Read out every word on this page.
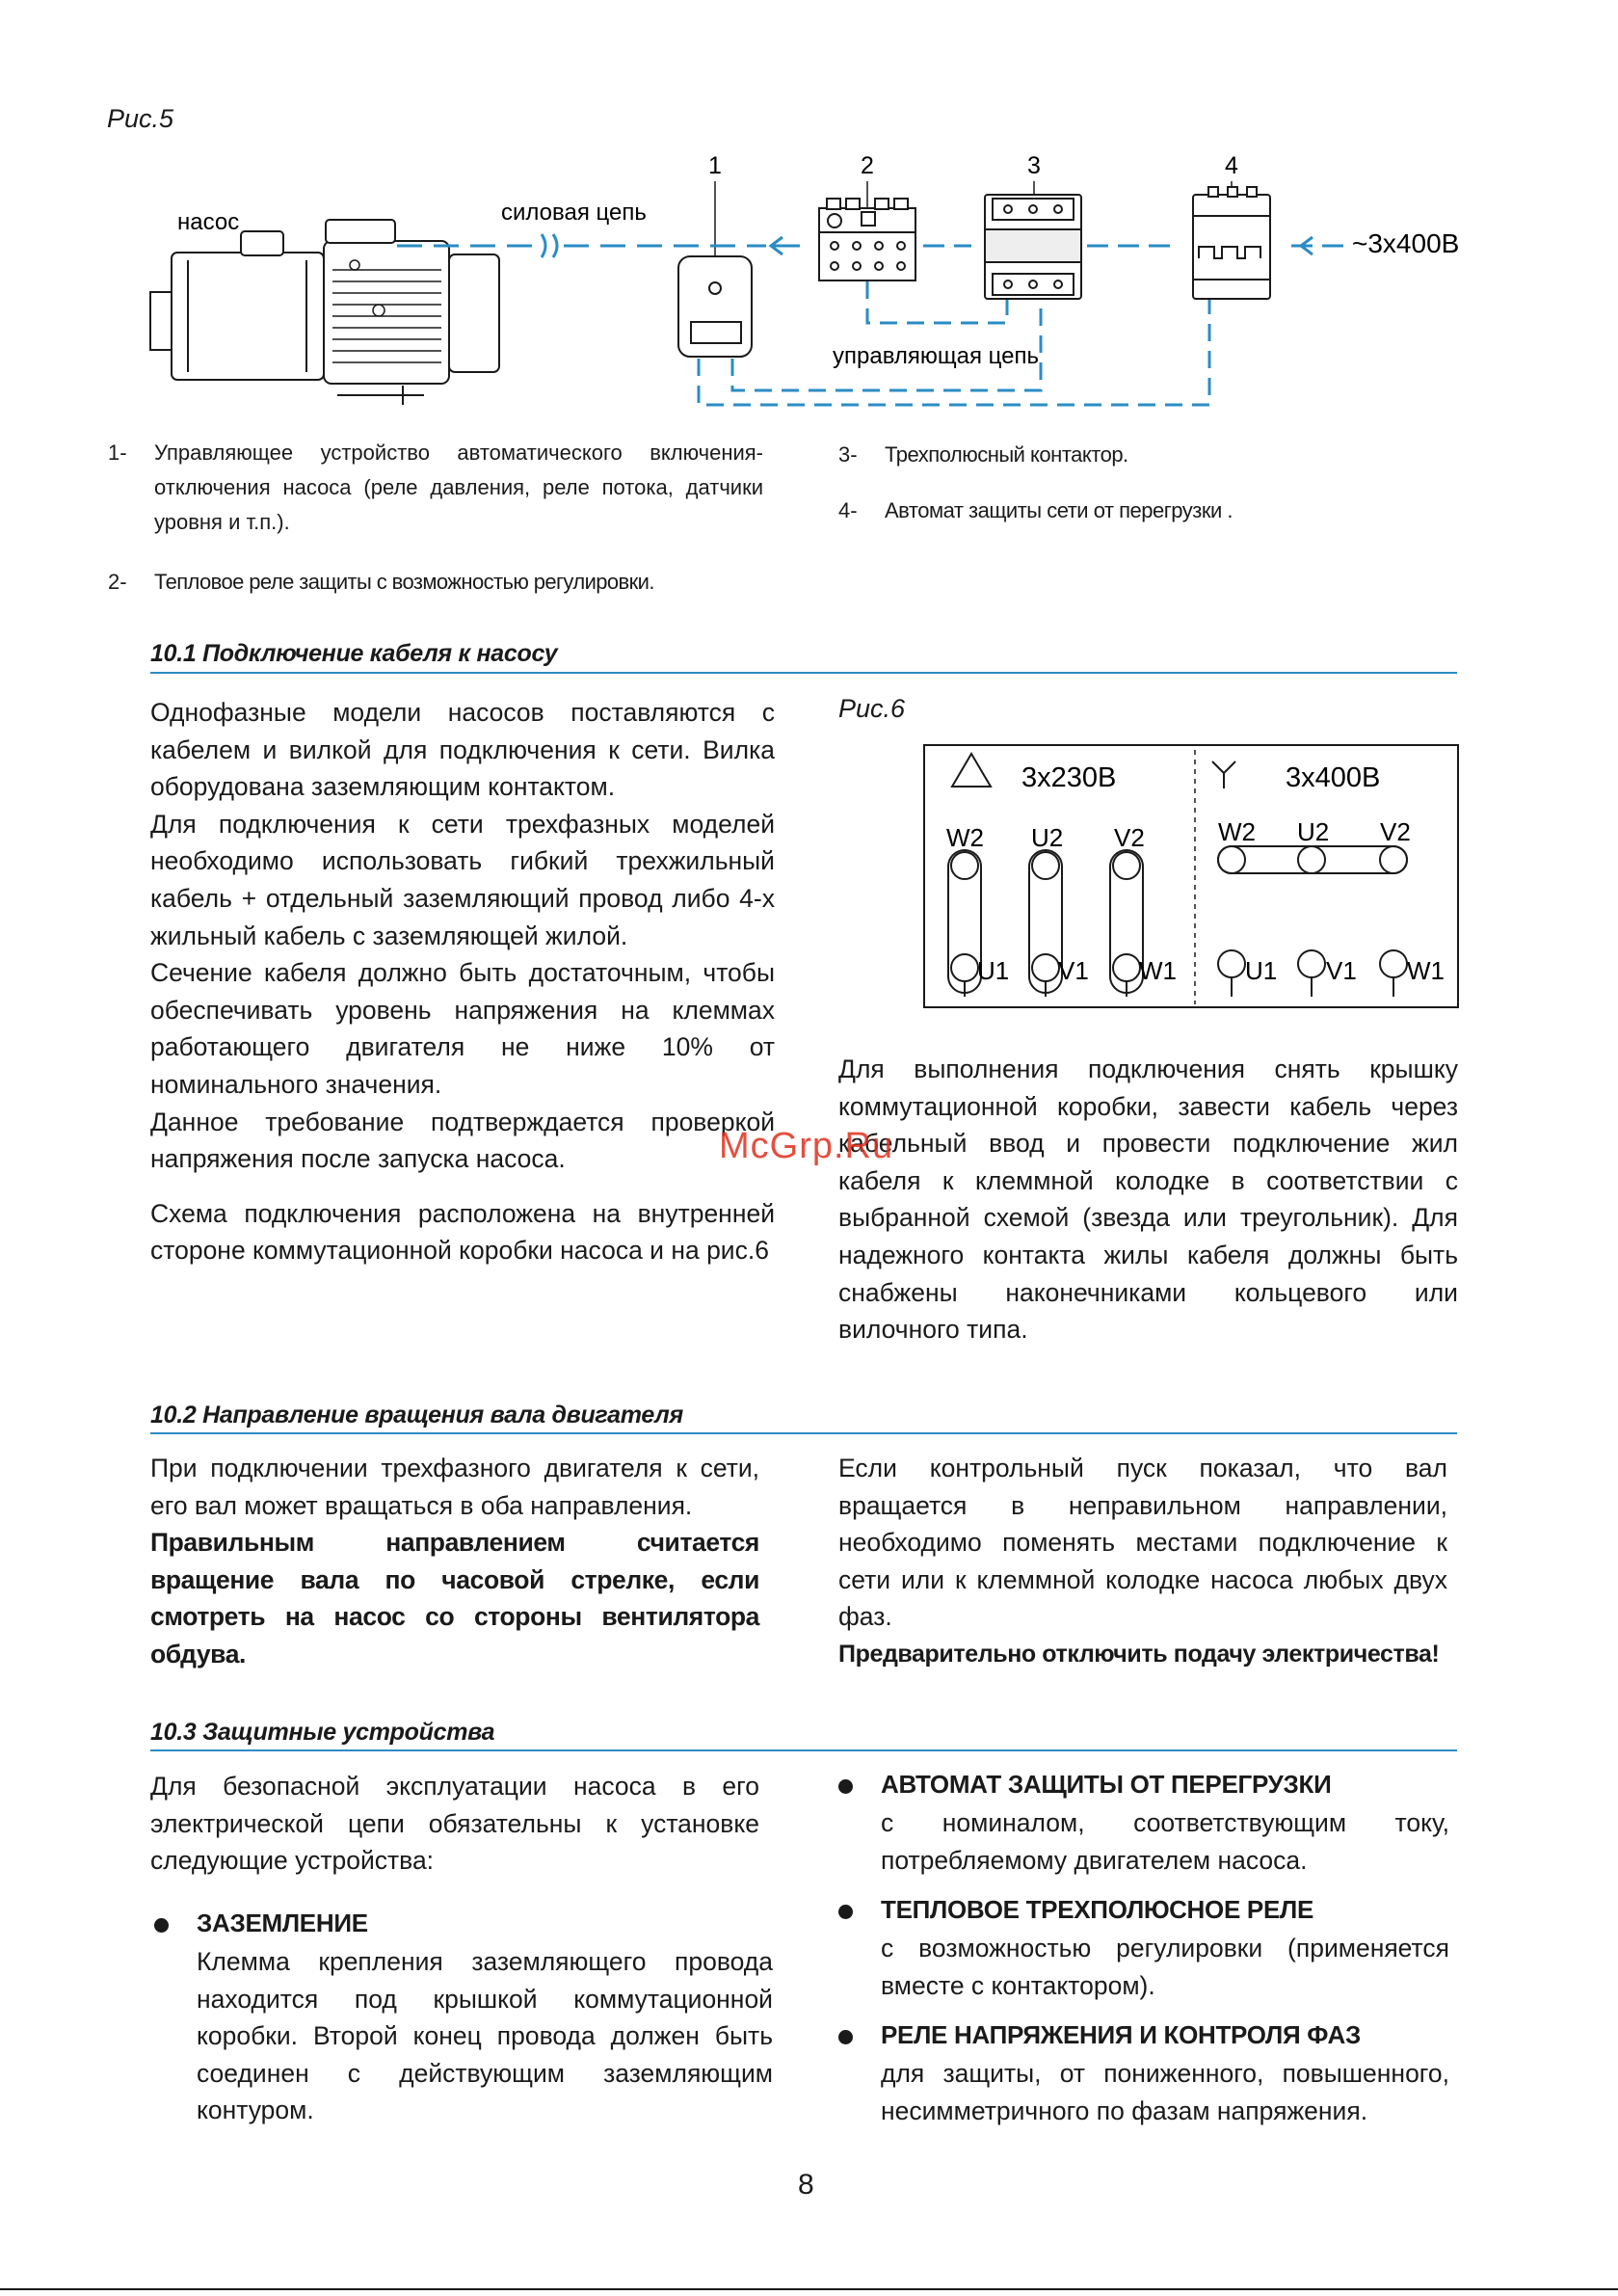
Рис.5
1	2	3	4
насос	силовая цепь
управляющая цепь
~3x400В
1- Управляющее устройство автоматического включения-отключения насоса (реле давления, реле потока, датчики уровня и т.п.).
2- Тепловое реле защиты с возможностью регулировки.
3- Трехполюсный контактор.
4- Автомат защиты сети от перегрузки .
10.1 Подключение кабеля к насосу

Однофазные модели насосов поставляются с кабелем и вилкой для подключения к сети. Вилка оборудована заземляющим контактом.

Для подключения к сети трехфазных моделей необходимо использовать гибкий трехжильный кабель + отдельный заземляющий провод либо 4-х жильный кабель с заземляющей жилой.

Сечение кабеля должно быть достаточным, чтобы обеспечивать уровень напряжения на клеммах работающего двигателя не ниже 10% от номинального значения.

Данное требование подтверждается проверкой напряжения после запуска насоса.

Схема подключения расположена на внутренней стороне коммутационной коробки насоса и на рис.6

Рис.6
3x230В	3x400В
W2 U2 V2
U1 V1 W1
W2 U2 V2
U1 V1 W1

Для выполнения подключения снять крышку коммутационной коробки, завести кабель через кабельный ввод и провести подключение жил кабеля к клеммной колодке в соответствии с выбранной схемой (звезда или треугольник). Для надежного контакта жилы кабеля должны быть снабжены наконечниками кольцевого или вилочного типа.

McGrp.Ru
10.2 Направление вращения вала двигателя

При подключении трехфазного двигателя к сети, его вал может вращаться в оба направления.

Правильным направлением считается вращение вала по часовой стрелке, если смотреть на насос со стороны вентилятора обдува.

Если контрольный пуск показал, что вал вращается в неправильном направлении, необходимо поменять местами подключение к сети или к клеммной колодке насоса любых двух фаз.

Предварительно отключить подачу электричества!

10.3 Защитные устройства

Для безопасной эксплуатации насоса в его электрической цепи обязательны к установке следующие устройства:

ЗАЗЕМЛЕНИЕ

Клемма крепления заземляющего провода находится под крышкой коммутационной коробки. Второй конец провода должен быть соединен с действующим заземляющим контуром.

АВТОМАТ ЗАЩИТЫ ОТ ПЕРЕГРУЗКИ

с номиналом, соответствующим току, потребляемому двигателем насоса.

ТЕПЛОВОЕ ТРЕХПОЛЮСНОЕ РЕЛЕ

с возможностью регулировки (применяется вместе с контактором).

РЕЛЕ НАПРЯЖЕНИЯ И КОНТРОЛЯ ФАЗ

для защиты, от пониженного, повышенного, несимметричного по фазам напряжения.

8
